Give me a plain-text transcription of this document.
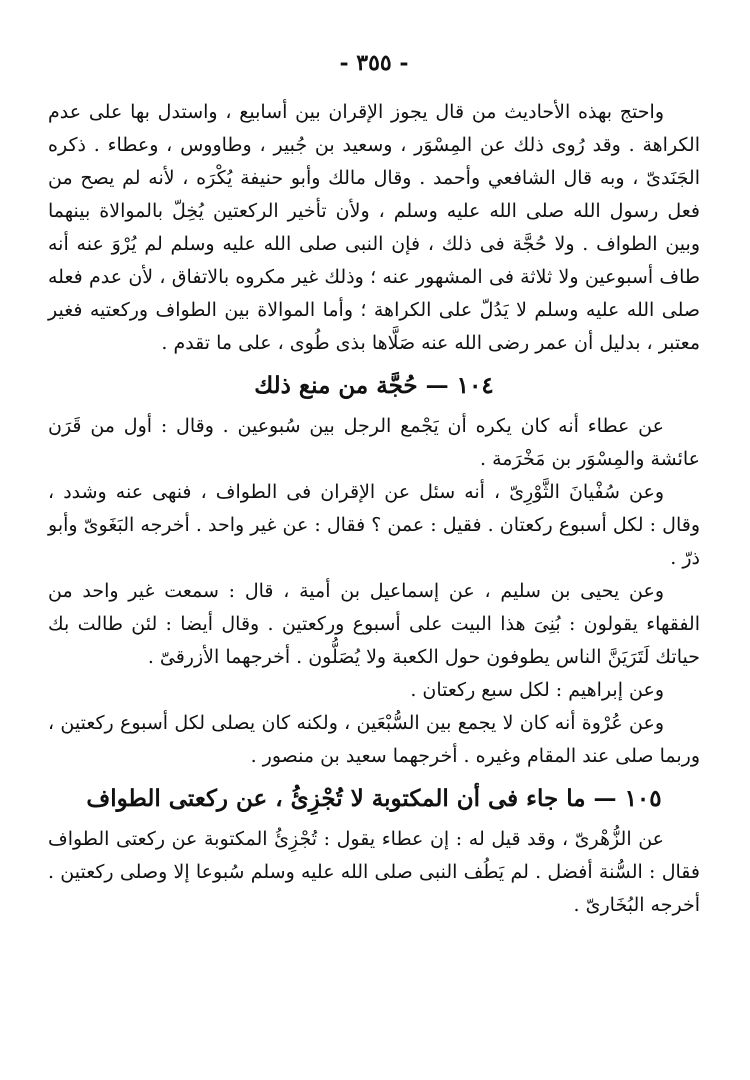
- ٣٥٥ -

واحتج بهذه الأحاديث من قال يجوز الإقران بين أسابيع ، واستدل بها على عدم الكراهة . وقد رُوى ذلك عن المِسْوَر ، وسعيد بن جُبير ، وطاووس ، وعطاء . ذكره الجَنَدىّ ، وبه قال الشافعي وأحمد . وقال مالك وأبو حنيفة يُكْرَه ، لأنه لم يصح من فعل رسول الله صلى الله عليه وسلم ، ولأن تأخير الركعتين يُخِلّ بالموالاة بينهما وبين الطواف . ولا حُجَّة فى ذلك ، فإن النبى صلى الله عليه وسلم لم يُرْوَ عنه أنه طاف أسبوعين ولا ثلاثة فى المشهور عنه ؛ وذلك غير مكروه بالاتفاق ، لأن عدم فعله صلى الله عليه وسلم لا يَدُلّ على الكراهة ؛ وأما الموالاة بين الطواف وركعتيه فغير معتبر ، بدليل أن عمر رضى الله عنه صَلَّاها بذى طُوى ، على ما تقدم .

١٠٤ — حُجَّة من منع ذلك

عن عطاء أنه كان يكره أن يَجْمع الرجل بين سُبوعين . وقال : أول من قَرَن عائشة والمِسْوَر بن مَخْرَمة .

وعن سُفْيانَ الثَّوْرِىّ ، أنه سئل عن الإقران فى الطواف ، فنهى عنه وشدد ، وقال : لكل أسبوع ركعتان . فقيل : عمن ؟ فقال : عن غير واحد . أخرجه البَغَوىّ وأبو ذرّ .

وعن يحيى بن سليم ، عن إسماعيل بن أمية ، قال : سمعت غير واحد من الفقهاء يقولون : بُنِىَ هذا البيت على أسبوع وركعتين . وقال أيضا : لئن طالت بك حياتك لَتَرَيَنَّ الناس يطوفون حول الكعبة ولا يُصَلُّون . أخرجهما الأزرقىّ .

وعن إبراهيم : لكل سبع ركعتان .

وعن عُرْوة أنه كان لا يجمع بين السُّبْعَين ، ولكنه كان يصلى لكل أسبوع ركعتين ، وربما صلى عند المقام وغيره . أخرجهما سعيد بن منصور .

١٠٥ — ما جاء فى أن المكتوبة لا تُجْزِئُ ، عن ركعتى الطواف

عن الزُّهْرىّ ، وقد قيل له : إن عطاء يقول : تُجْزِئُ المكتوبة عن ركعتى الطواف فقال : السُّنة أفضل . لم يَطُف النبى صلى الله عليه وسلم سُبوعا إلا وصلى ركعتين . أخرجه البُخَارىّ .
